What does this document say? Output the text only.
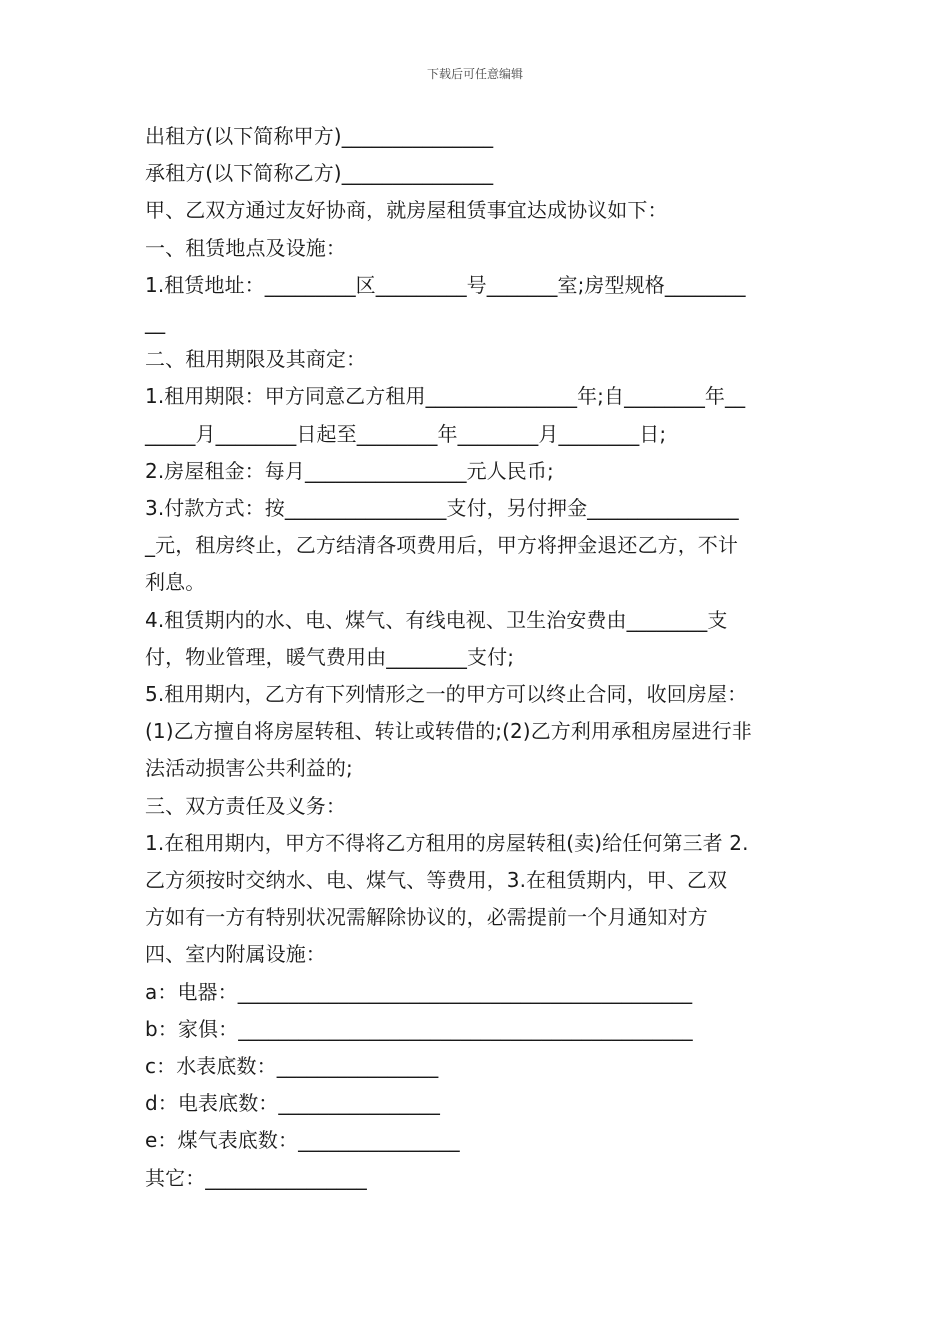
下载后可任意编辑
出租方(以下简称甲方)_______________
承租方(以下简称乙方)_______________
甲、乙双方通过友好协商，就房屋租赁事宜达成协议如下：
一、租赁地点及设施：
1.租赁地址：_________区_________号_______室;房型规格________
__
二、租用期限及其商定：
1.租用期限：甲方同意乙方租用_______________年;自________年__
_____月________日起至________年________月________日;
2.房屋租金：每月________________元人民币;
3.付款方式：按________________支付，另付押金_______________
_元，租房终止，乙方结清各项费用后，甲方将押金退还乙方，不计
利息。
4.租赁期内的水、电、煤气、有线电视、卫生治安费由________支
付，物业管理，暖气费用由________支付;
5.租用期内，乙方有下列情形之一的甲方可以终止合同，收回房屋：
(1)乙方擅自将房屋转租、转让或转借的;(2)乙方利用承租房屋进行非
法活动损害公共利益的;
三、双方责任及义务：
1.在租用期内，甲方不得将乙方租用的房屋转租(卖)给任何第三者 2.
乙方须按时交纳水、电、煤气、等费用，3.在租赁期内，甲、乙双
方如有一方有特别状况需解除协议的，必需提前一个月通知对方
四、室内附属设施：
a：电器：_____________________________________________
b：家俱：_____________________________________________
c：水表底数：________________
d：电表底数：________________
e：煤气表底数：________________
其它：________________
